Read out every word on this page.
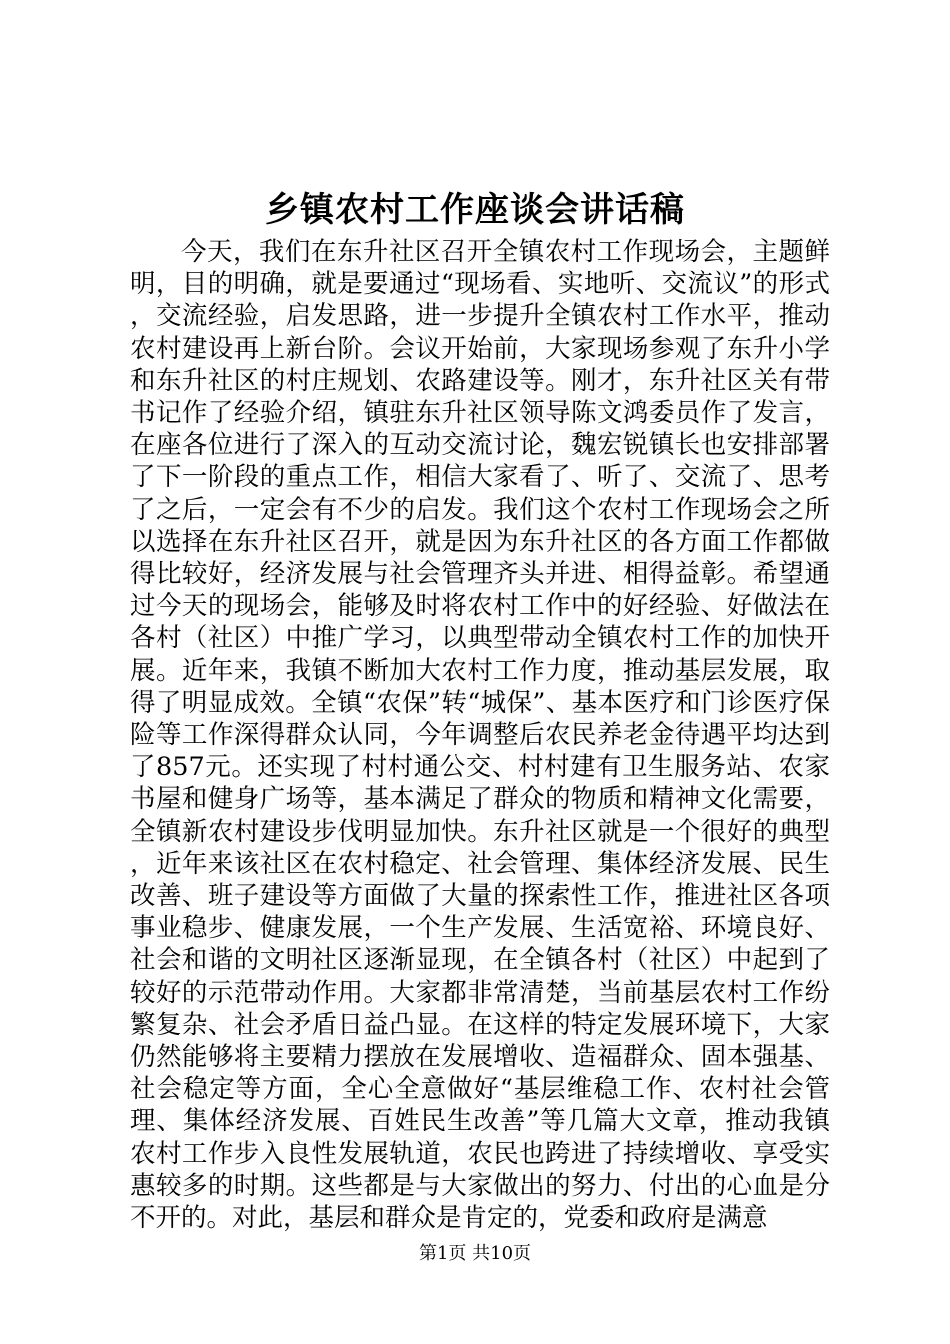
乡镇农村工作座谈会讲话稿

今天，我们在东升社区召开全镇农村工作现场会，主题鲜明，目的明确，就是要通过“现场看、实地听、交流议”的形式，交流经验，启发思路，进一步提升全镇农村工作水平，推动农村建设再上新台阶。会议开始前，大家现场参观了东升小学和东升社区的村庄规划、农路建设等。刚才，东升社区关有带书记作了经验介绍，镇驻东升社区领导陈文鸿委员作了发言，在座各位进行了深入的互动交流讨论，魏宏锐镇长也安排部署了下一阶段的重点工作，相信大家看了、听了、交流了、思考了之后，一定会有不少的启发。我们这个农村工作现场会之所以选择在东升社区召开，就是因为东升社区的各方面工作都做得比较好，经济发展与社会管理齐头并进、相得益彰。希望通过今天的现场会，能够及时将农村工作中的好经验、好做法在各村（社区）中推广学习，以典型带动全镇农村工作的加快开展。近年来，我镇不断加大农村工作力度，推动基层发展，取得了明显成效。全镇“农保”转“城保”、基本医疗和门诊医疗保险等工作深得群众认同，今年调整后农民养老金待遇平均达到了857元。还实现了村村通公交、村村建有卫生服务站、农家书屋和健身广场等，基本满足了群众的物质和精神文化需要，全镇新农村建设步伐明显加快。东升社区就是一个很好的典型，近年来该社区在农村稳定、社会管理、集体经济发展、民生改善、班子建设等方面做了大量的探索性工作，推进社区各项事业稳步、健康发展，一个生产发展、生活宽裕、环境良好、社会和谐的文明社区逐渐显现，在全镇各村（社区）中起到了较好的示范带动作用。大家都非常清楚，当前基层农村工作纷繁复杂、社会矛盾日益凸显。在这样的特定发展环境下，大家仍然能够将主要精力摆放在发展增收、造福群众、固本强基、社会稳定等方面，全心全意做好“基层维稳工作、农村社会管理、集体经济发展、百姓民生改善”等几篇大文章，推动我镇农村工作步入良性发展轨道，农民也跨进了持续增收、享受实惠较多的时期。这些都是与大家做出的努力、付出的心血是分不开的。对此，基层和群众是肯定的，党委和政府是满意

第1页 共10页
